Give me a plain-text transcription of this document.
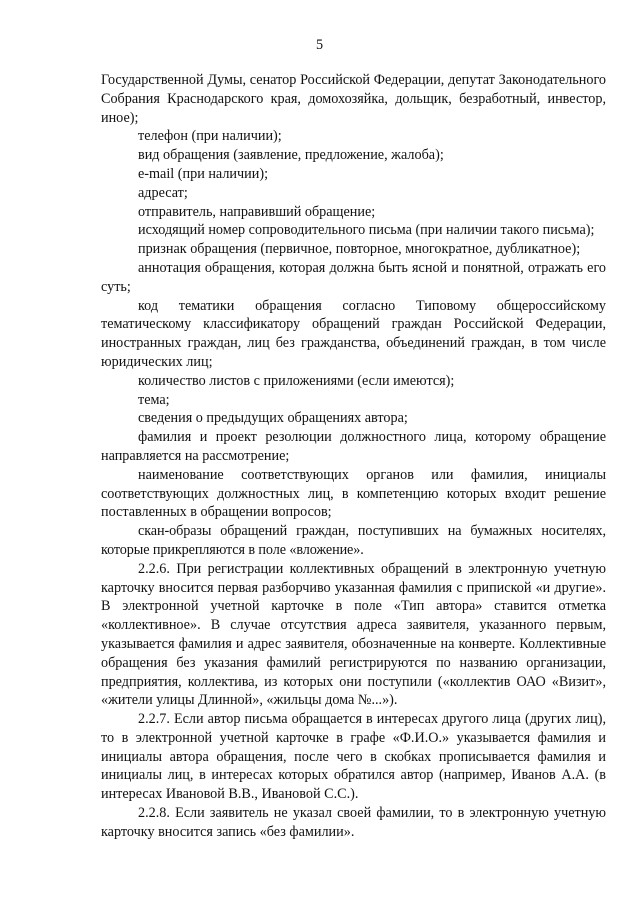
5

Государственной Думы, сенатор Российской Федерации, депутат Законодательного Собрания Краснодарского края, домохозяйка, дольщик, безработный, инвестор, иное);

телефон (при наличии);

вид обращения (заявление, предложение, жалоба);

e-mail (при наличии);

адресат;

отправитель, направивший обращение;

исходящий номер сопроводительного письма (при наличии такого письма);

признак обращения (первичное, повторное, многократное, дубликатное);

аннотация обращения, которая должна быть ясной и понятной, отражать его суть;

код тематики обращения согласно Типовому общероссийскому тематическому классификатору обращений граждан Российской Федерации, иностранных граждан, лиц без гражданства, объединений граждан, в том числе юридических лиц;

количество листов с приложениями (если имеются);

тема;

сведения о предыдущих обращениях автора;

фамилия и проект резолюции должностного лица, которому обращение направляется на рассмотрение;

наименование соответствующих органов или фамилия, инициалы соответствующих должностных лиц, в компетенцию которых входит решение поставленных в обращении вопросов;

скан-образы обращений граждан, поступивших на бумажных носителях, которые прикрепляются в поле «вложение».

2.2.6. При регистрации коллективных обращений в электронную учетную карточку вносится первая разборчиво указанная фамилия с припиской «и другие». В электронной учетной карточке в поле «Тип автора» ставится отметка «коллективное». В случае отсутствия адреса заявителя, указанного первым, указывается фамилия и адрес заявителя, обозначенные на конверте. Коллективные обращения без указания фамилий регистрируются по названию организации, предприятия, коллектива, из которых они поступили («коллектив ОАО «Визит», «жители улицы Длинной», «жильцы дома №...»).

2.2.7. Если автор письма обращается в интересах другого лица (других лиц), то в электронной учетной карточке в графе «Ф.И.О.» указывается фамилия и инициалы автора обращения, после чего в скобках прописывается фамилия и инициалы лиц, в интересах которых обратился автор (например, Иванов А.А. (в интересах Ивановой В.В., Ивановой С.С.).

2.2.8. Если заявитель не указал своей фамилии, то в электронную учетную карточку вносится запись «без фамилии».
